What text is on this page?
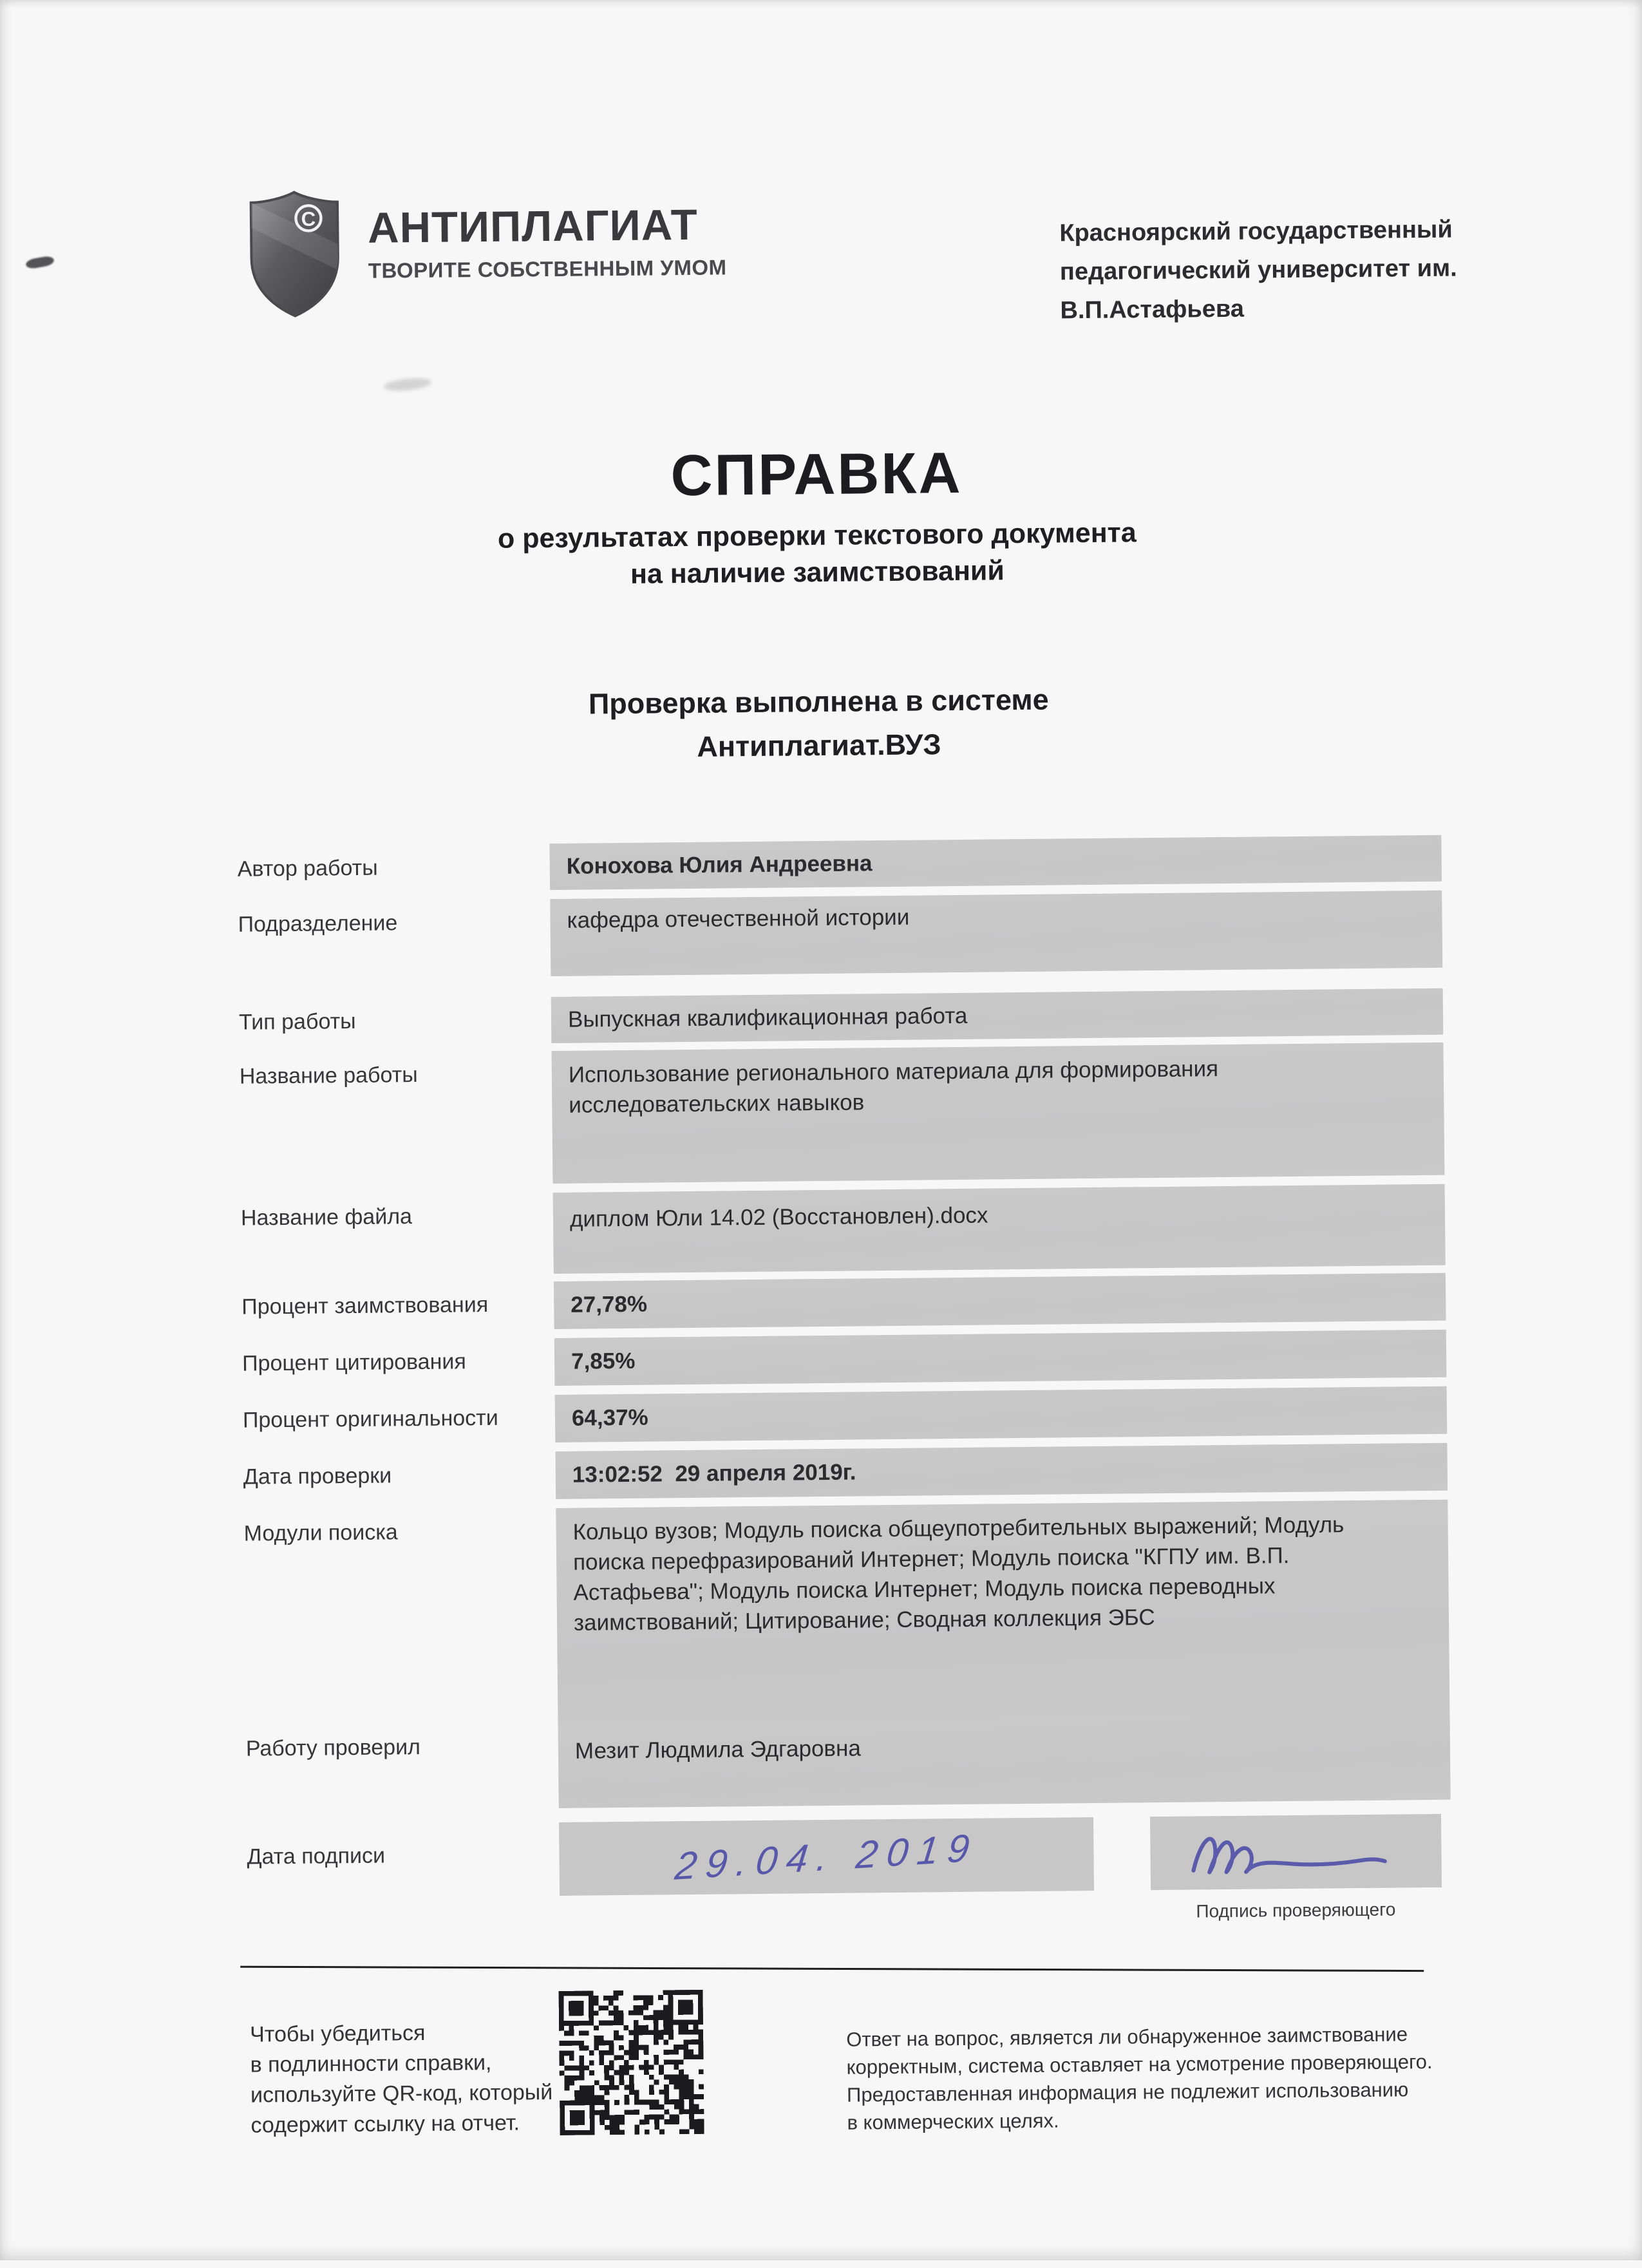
C АНТИПЛАГИАТ
ТВОРИТЕ СОБСТВЕННЫМ УМОМ
Красноярский государственный педагогический университет им. В.П.Астафьева
СПРАВКА
о результатах проверки текстового документа
на наличие заимствований
Проверка выполнена в системе
Антиплагиат.ВУЗ
Автор работы	Конохова Юлия Андреевна
Подразделение	кафедра отечественной истории
Тип работы	Выпускная квалификационная работа
Название работы	Использование регионального материала для формирования исследовательских навыков
Название файла	диплом Юли 14.02 (Восстановлен).docx
Процент заимствования	27,78%
Процент цитирования	7,85%
Процент оригинальности	64,37%
Дата проверки	13:02:52  29 апреля 2019г.
Модули поиска	Кольцо вузов; Модуль поиска общеупотребительных выражений; Модуль поиска перефразирований Интернет; Модуль поиска "КГПУ им. В.П. Астафьева"; Модуль поиска Интернет; Модуль поиска переводных заимствований; Цитирование; Сводная коллекция ЭБС
Работу проверил	Мезит Людмила Эдгаровна
Дата подписи	29.04. 2019
Подпись проверяющего
Чтобы убедиться
в подлинности справки,
используйте QR-код, который
содержит ссылку на отчет.
Ответ на вопрос, является ли обнаруженное заимствование
корректным, система оставляет на усмотрение проверяющего.
Предоставленная информация не подлежит использованию
в коммерческих целях.
